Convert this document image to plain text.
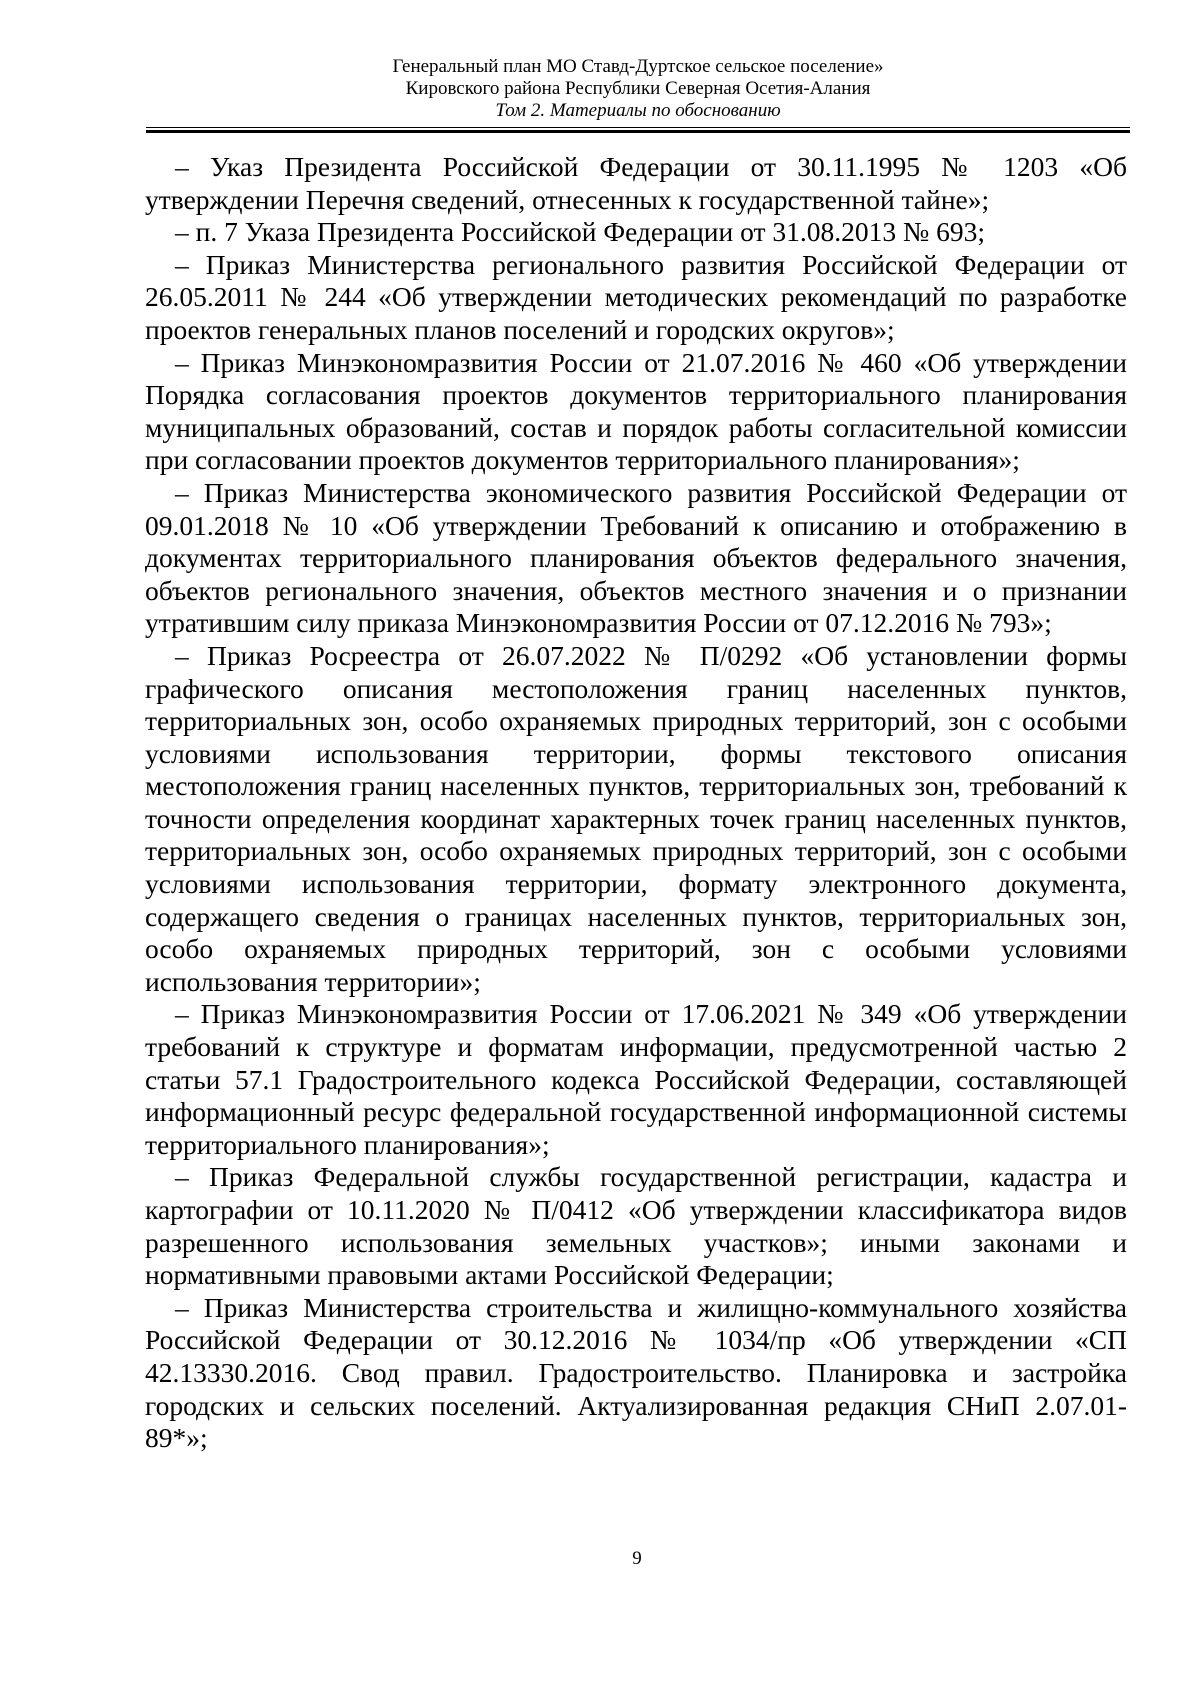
Генеральный план МО Ставд-Дуртское сельское поселение»
Кировского района Республики Северная Осетия-Алания
Том 2. Материалы по обоснованию

– Указ Президента Российской Федерации от 30.11.1995 № 1203 «Об утверждении Перечня сведений, отнесенных к государственной тайне»;

– п. 7 Указа Президента Российской Федерации от 31.08.2013 № 693;

– Приказ Министерства регионального развития Российской Федерации от 26.05.2011 № 244 «Об утверждении методических рекомендаций по разработке проектов генеральных планов поселений и городских округов»;

– Приказ Минэкономразвития России от 21.07.2016 № 460 «Об утверждении Порядка согласования проектов документов территориального планирования муниципальных образований, состав и порядок работы согласительной комиссии при согласовании проектов документов территориального планирования»;

– Приказ Министерства экономического развития Российской Федерации от 09.01.2018 № 10 «Об утверждении Требований к описанию и отображению в документах территориального планирования объектов федерального значения, объектов регионального значения, объектов местного значения и о признании утратившим силу приказа Минэкономразвития России от 07.12.2016 № 793»;

– Приказ Росреестра от 26.07.2022 № П/0292 «Об установлении формы графического описания местоположения границ населенных пунктов, территориальных зон, особо охраняемых природных территорий, зон с особыми условиями использования территории, формы текстового описания местоположения границ населенных пунктов, территориальных зон, требований к точности определения координат характерных точек границ населенных пунктов, территориальных зон, особо охраняемых природных территорий, зон с особыми условиями использования территории, формату электронного документа, содержащего сведения о границах населенных пунктов, территориальных зон, особо охраняемых природных территорий, зон с особыми условиями использования территории»;

– Приказ Минэкономразвития России от 17.06.2021 № 349 «Об утверждении требований к структуре и форматам информации, предусмотренной частью 2 статьи 57.1 Градостроительного кодекса Российской Федерации, составляющей информационный ресурс федеральной государственной информационной системы территориального планирования»;

– Приказ Федеральной службы государственной регистрации, кадастра и картографии от 10.11.2020 № П/0412 «Об утверждении классификатора видов разрешенного использования земельных участков»; иными законами и нормативными правовыми актами Российской Федерации;

– Приказ Министерства строительства и жилищно-коммунального хозяйства Российской Федерации от 30.12.2016 № 1034/пр «Об утверждении «СП 42.13330.2016. Свод правил. Градостроительство. Планировка и застройка городских и сельских поселений. Актуализированная редакция СНиП 2.07.01-89*»;

9
